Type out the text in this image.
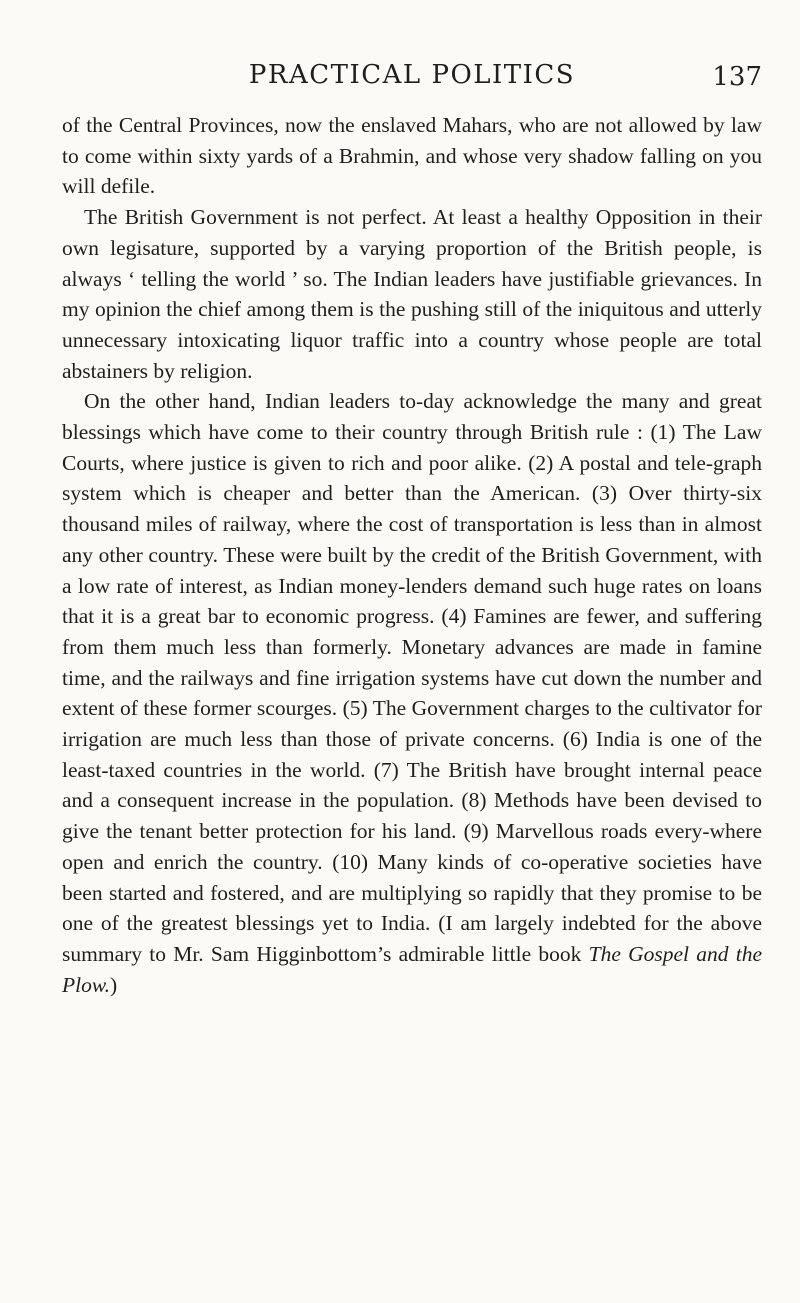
PRACTICAL POLITICS	137

of the Central Provinces, now the enslaved Mahars, who are not allowed by law to come within sixty yards of a Brahmin, and whose very shadow falling on you will defile.

The British Government is not perfect. At least a healthy Opposition in their own legisature, supported by a varying proportion of the British people, is always ‘ telling the world ’ so. The Indian leaders have justifiable grievances. In my opinion the chief among them is the pushing still of the iniquitous and utterly unnecessary intoxicating liquor traffic into a country whose people are total abstainers by religion.

On the other hand, Indian leaders to-day acknowledge the many and great blessings which have come to their country through British rule : (1) The Law Courts, where justice is given to rich and poor alike. (2) A postal and tele-graph system which is cheaper and better than the American. (3) Over thirty-six thousand miles of railway, where the cost of transportation is less than in almost any other country. These were built by the credit of the British Government, with a low rate of interest, as Indian money-lenders demand such huge rates on loans that it is a great bar to economic progress. (4) Famines are fewer, and suffering from them much less than formerly. Monetary advances are made in famine time, and the railways and fine irrigation systems have cut down the number and extent of these former scourges. (5) The Government charges to the cultivator for irrigation are much less than those of private concerns. (6) India is one of the least-taxed countries in the world. (7) The British have brought internal peace and a consequent increase in the population. (8) Methods have been devised to give the tenant better protection for his land. (9) Marvellous roads every-where open and enrich the country. (10) Many kinds of co-operative societies have been started and fostered, and are multiplying so rapidly that they promise to be one of the greatest blessings yet to India. (I am largely indebted for the above summary to Mr. Sam Higginbottom’s admirable little book The Gospel and the Plow.)
